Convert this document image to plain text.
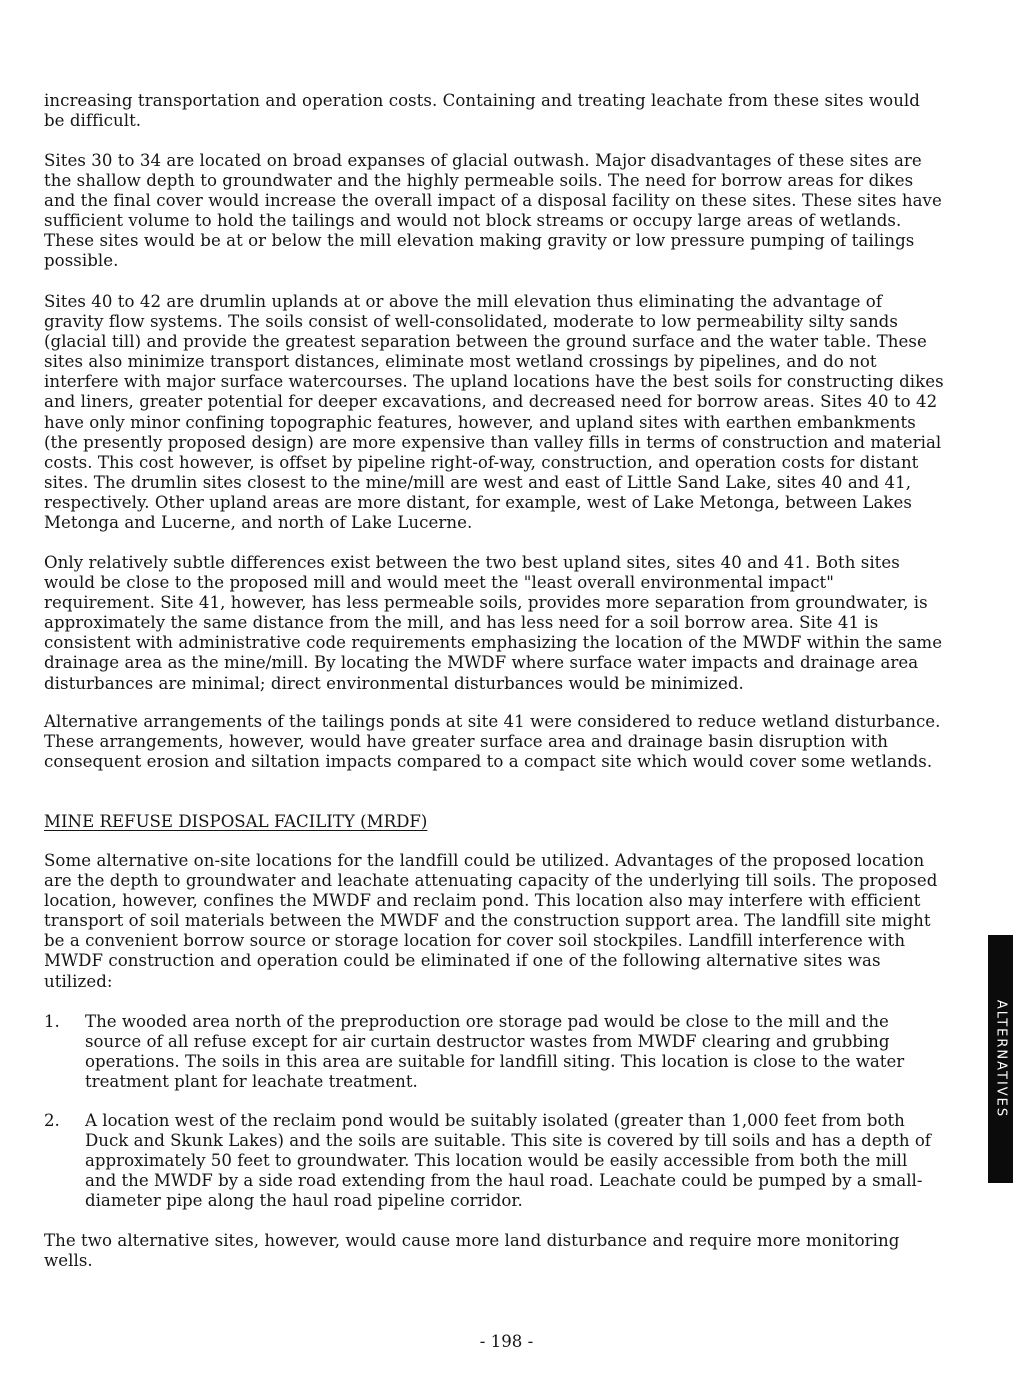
increasing transportation and operation costs. Containing and treating leachate from these sites would be difficult.

Sites 30 to 34 are located on broad expanses of glacial outwash. Major disadvantages of these sites are the shallow depth to groundwater and the highly permeable soils. The need for borrow areas for dikes and the final cover would increase the overall impact of a disposal facility on these sites. These sites have sufficient volume to hold the tailings and would not block streams or occupy large areas of wetlands. These sites would be at or below the mill elevation making gravity or low pressure pumping of tailings possible.

Sites 40 to 42 are drumlin uplands at or above the mill elevation thus eliminating the advantage of gravity flow systems. The soils consist of well-consolidated, moderate to low permeability silty sands (glacial till) and provide the greatest separation between the ground surface and the water table. These sites also minimize transport distances, eliminate most wetland crossings by pipelines, and do not interfere with major surface watercourses. The upland locations have the best soils for constructing dikes and liners, greater potential for deeper excavations, and decreased need for borrow areas. Sites 40 to 42 have only minor confining topographic features, however, and upland sites with earthen embankments (the presently proposed design) are more expensive than valley fills in terms of construction and material costs. This cost however, is offset by pipeline right-of-way, construction, and operation costs for distant sites. The drumlin sites closest to the mine/mill are west and east of Little Sand Lake, sites 40 and 41, respectively. Other upland areas are more distant, for example, west of Lake Metonga, between Lakes Metonga and Lucerne, and north of Lake Lucerne.

Only relatively subtle differences exist between the two best upland sites, sites 40 and 41. Both sites would be close to the proposed mill and would meet the "least overall environmental impact" requirement. Site 41, however, has less permeable soils, provides more separation from groundwater, is approximately the same distance from the mill, and has less need for a soil borrow area. Site 41 is consistent with administrative code requirements emphasizing the location of the MWDF within the same drainage area as the mine/mill. By locating the MWDF where surface water impacts and drainage area disturbances are minimal; direct environmental disturbances would be minimized.

Alternative arrangements of the tailings ponds at site 41 were considered to reduce wetland disturbance. These arrangements, however, would have greater surface area and drainage basin disruption with consequent erosion and siltation impacts compared to a compact site which would cover some wetlands.

MINE REFUSE DISPOSAL FACILITY (MRDF)

Some alternative on-site locations for the landfill could be utilized. Advantages of the proposed location are the depth to groundwater and leachate attenuating capacity of the underlying till soils. The proposed location, however, confines the MWDF and reclaim pond. This location also may interfere with efficient transport of soil materials between the MWDF and the construction support area. The landfill site might be a convenient borrow source or storage location for cover soil stockpiles. Landfill interference with MWDF construction and operation could be eliminated if one of the following alternative sites was utilized:

1. The wooded area north of the preproduction ore storage pad would be close to the mill and the source of all refuse except for air curtain destructor wastes from MWDF clearing and grubbing operations. The soils in this area are suitable for landfill siting. This location is close to the water treatment plant for leachate treatment.
2. A location west of the reclaim pond would be suitably isolated (greater than 1,000 feet from both Duck and Skunk Lakes) and the soils are suitable. This site is covered by till soils and has a depth of approximately 50 feet to groundwater. This location would be easily accessible from both the mill and the MWDF by a side road extending from the haul road. Leachate could be pumped by a small-diameter pipe along the haul road pipeline corridor.

The two alternative sites, however, would cause more land disturbance and require more monitoring wells.

ALTERNATIVES
- 198 -
